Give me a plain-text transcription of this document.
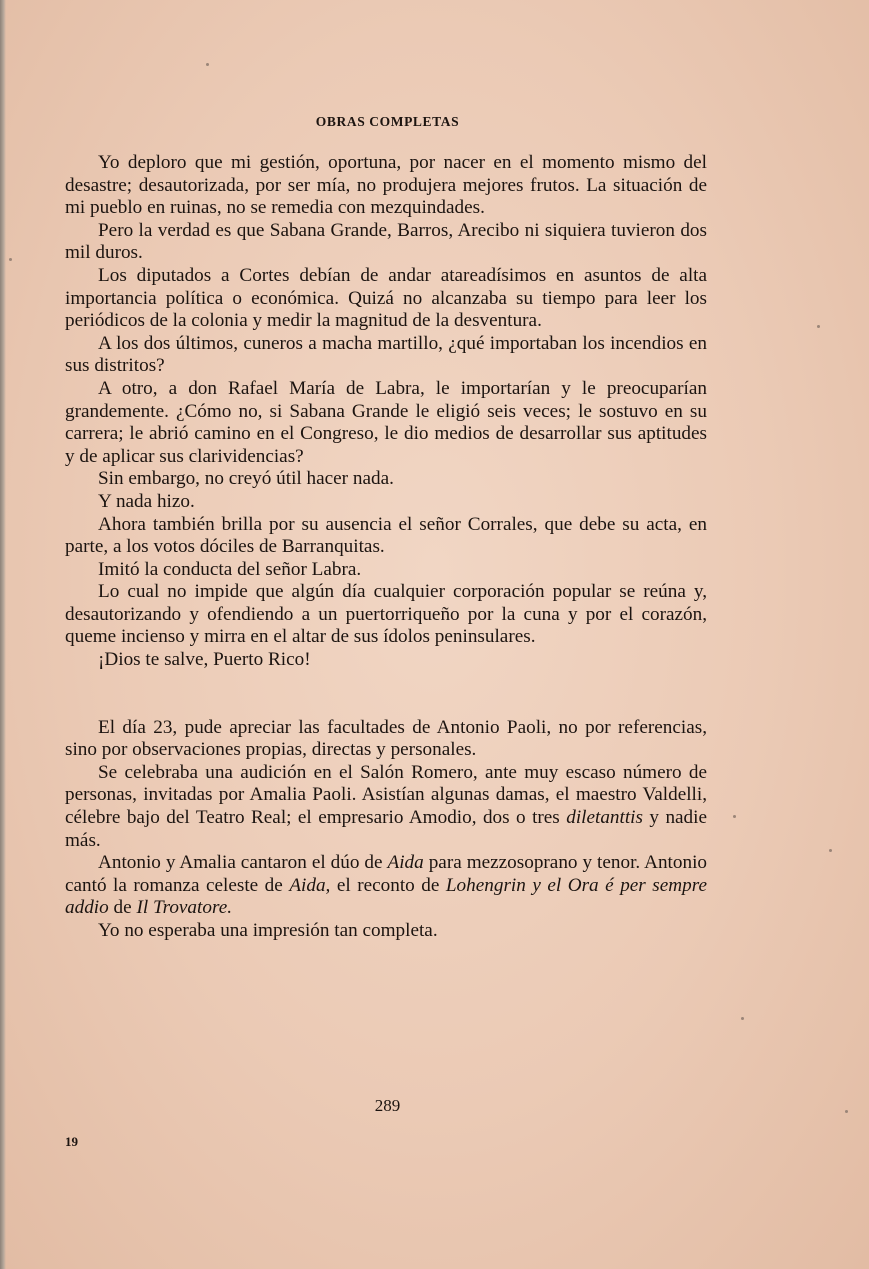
OBRAS COMPLETAS

Yo deploro que mi gestión, oportuna, por nacer en el momento mismo del desastre; desautorizada, por ser mía, no produjera mejores frutos. La situación de mi pueblo en ruinas, no se remedia con mezquindades.

Pero la verdad es que Sabana Grande, Barros, Arecibo ni siquiera tuvieron dos mil duros.

Los diputados a Cortes debían de andar atareadísimos en asuntos de alta importancia política o económica. Quizá no alcanzaba su tiempo para leer los periódicos de la colonia y medir la magnitud de la desventura.

A los dos últimos, cuneros a macha martillo, ¿qué importaban los incendios en sus distritos?

A otro, a don Rafael María de Labra, le importarían y le preocuparían grandemente. ¿Cómo no, si Sabana Grande le eligió seis veces; le sostuvo en su carrera; le abrió camino en el Congreso, le dio medios de desarrollar sus aptitudes y de aplicar sus clarividencias?

Sin embargo, no creyó útil hacer nada.

Y nada hizo.

Ahora también brilla por su ausencia el señor Corrales, que debe su acta, en parte, a los votos dóciles de Barranquitas.

Imitó la conducta del señor Labra.

Lo cual no impide que algún día cualquier corporación popular se reúna y, desautorizando y ofendiendo a un puertorriqueño por la cuna y por el corazón, queme incienso y mirra en el altar de sus ídolos peninsulares.

¡Dios te salve, Puerto Rico!

El día 23, pude apreciar las facultades de Antonio Paoli, no por referencias, sino por observaciones propias, directas y personales.

Se celebraba una audición en el Salón Romero, ante muy escaso número de personas, invitadas por Amalia Paoli. Asistían algunas damas, el maestro Valdelli, célebre bajo del Teatro Real; el empresario Amodio, dos o tres diletanttis y nadie más.

Antonio y Amalia cantaron el dúo de Aida para mezzosoprano y tenor. Antonio cantó la romanza celeste de Aida, el reconto de Lohengrin y el Ora é per sempre addio de Il Trovatore.

Yo no esperaba una impresión tan completa.

289
19
